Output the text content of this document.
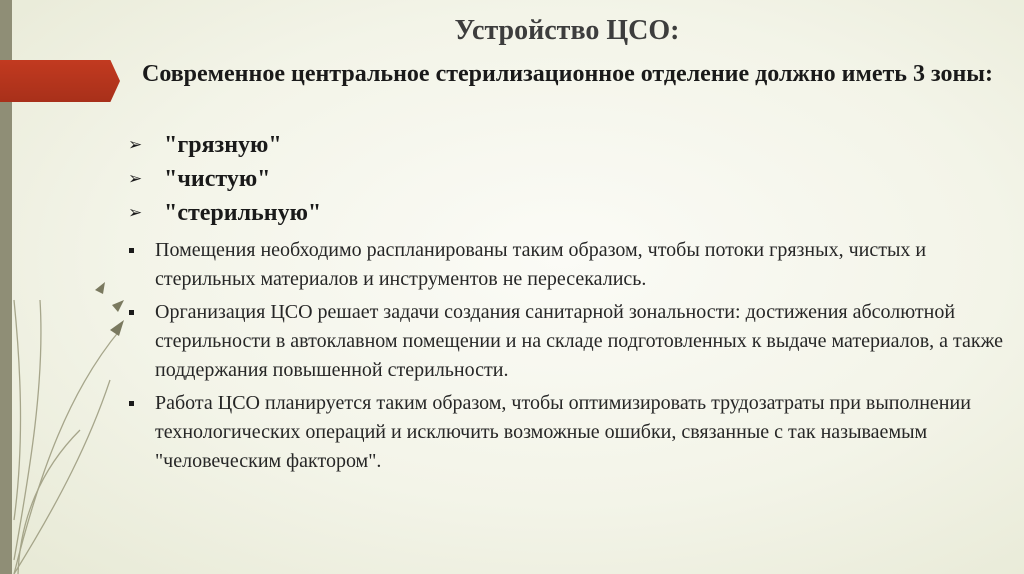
Устройство ЦСО:
Современное центральное стерилизационное отделение должно иметь 3 зоны:
➢ "грязную"
➢ "чистую"
➢ "стерильную"
Помещения необходимо распланированы таким образом, чтобы потоки грязных, чистых и стерильных материалов и инструментов не пересекались.
Организация ЦСО решает задачи создания санитарной зональности: достижения абсолютной стерильности в автоклавном помещении и на складе подготовленных к выдаче материалов, а также поддержания повышенной стерильности.
Работа ЦСО планируется таким образом, чтобы оптимизировать трудозатраты при выполнении технологических операций и исключить возможные ошибки, связанные с так называемым "человеческим фактором".
